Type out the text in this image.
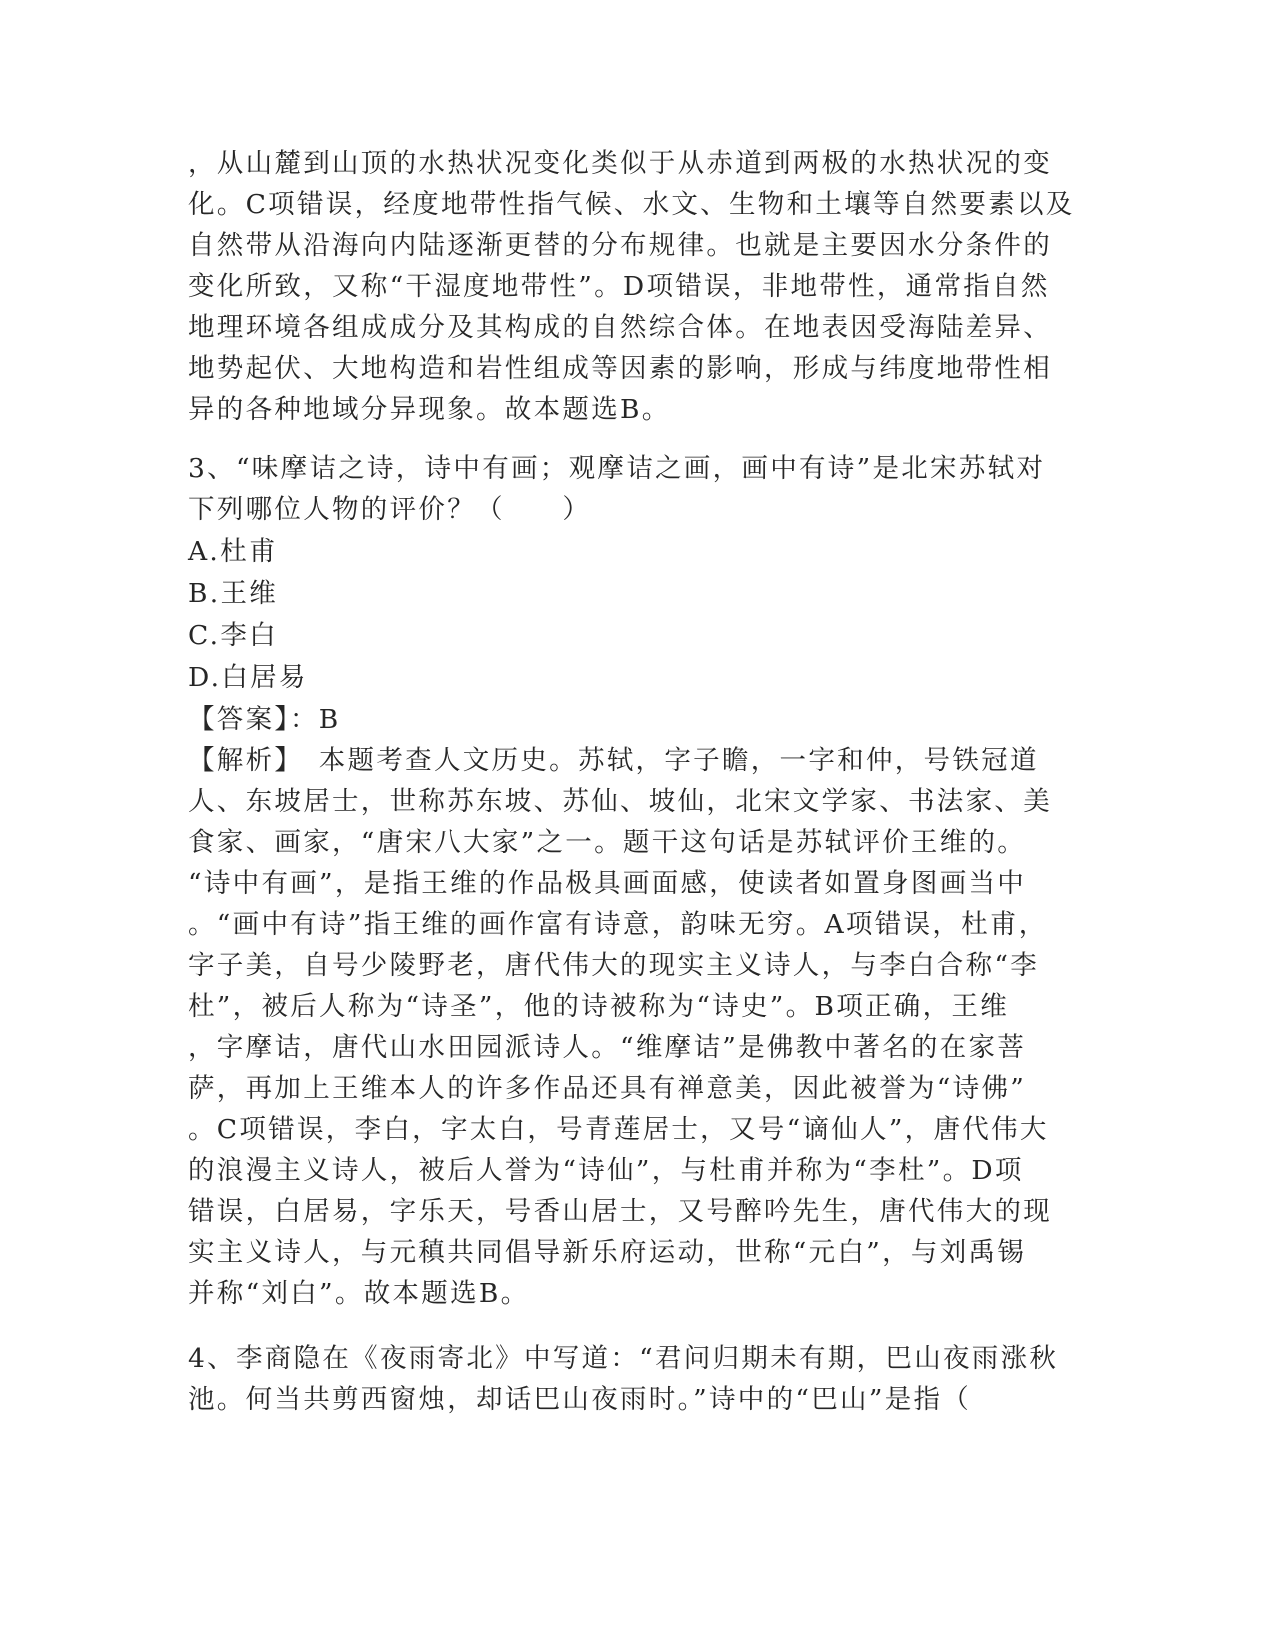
，从山麓到山顶的水热状况变化类似于从赤道到两极的水热状况的变
化。C项错误，经度地带性指气候、水文、生物和土壤等自然要素以及
自然带从沿海向内陆逐渐更替的分布规律。也就是主要因水分条件的
变化所致，又称“干湿度地带性”。D项错误，非地带性，通常指自然
地理环境各组成成分及其构成的自然综合体。在地表因受海陆差异、
地势起伏、大地构造和岩性组成等因素的影响，形成与纬度地带性相
异的各种地域分异现象。故本题选B。
3、“味摩诘之诗，诗中有画；观摩诘之画，画中有诗”是北宋苏轼对
下列哪位人物的评价？（　　）
A.杜甫
B.王维
C.李白
D.白居易
【答案】：B
【解析】　本题考查人文历史。苏轼，字子瞻，一字和仲，号铁冠道
人、东坡居士，世称苏东坡、苏仙、坡仙，北宋文学家、书法家、美
食家、画家，“唐宋八大家”之一。题干这句话是苏轼评价王维的。
“诗中有画”，是指王维的作品极具画面感，使读者如置身图画当中
。“画中有诗”指王维的画作富有诗意，韵味无穷。A项错误，杜甫，
字子美，自号少陵野老，唐代伟大的现实主义诗人，与李白合称“李
杜”，被后人称为“诗圣”，他的诗被称为“诗史”。B项正确，王维
，字摩诘，唐代山水田园派诗人。“维摩诘”是佛教中著名的在家菩
萨，再加上王维本人的许多作品还具有禅意美，因此被誉为“诗佛”
。C项错误，李白，字太白，号青莲居士，又号“谪仙人”，唐代伟大
的浪漫主义诗人，被后人誉为“诗仙”，与杜甫并称为“李杜”。D项
错误，白居易，字乐天，号香山居士，又号醉吟先生，唐代伟大的现
实主义诗人，与元稹共同倡导新乐府运动，世称“元白”，与刘禹锡
并称“刘白”。故本题选B。
4、李商隐在《夜雨寄北》中写道：“君问归期未有期，巴山夜雨涨秋
池。何当共剪西窗烛，却话巴山夜雨时。”诗中的“巴山”是指（
